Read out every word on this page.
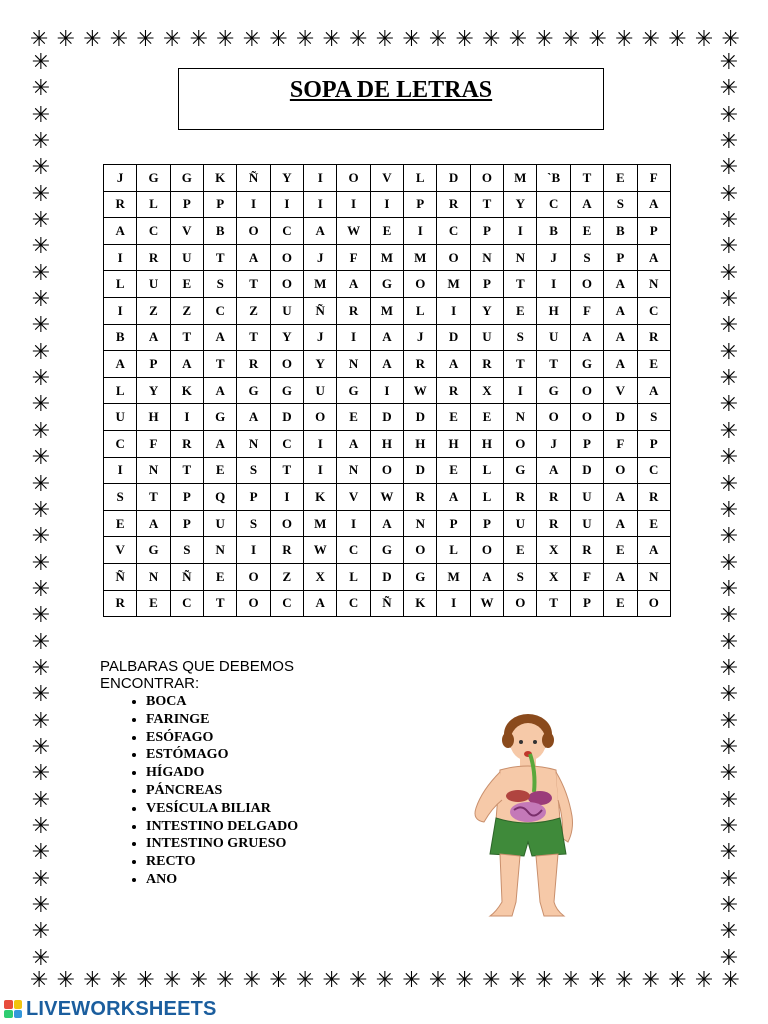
✳ ✳ ✳ ✳ ✳ ✳ ✳ ✳ ✳ ✳ ✳ ✳ ✳ ✳ ✳ ✳ ✳ ✳ ✳ ✳ ✳ ✳ ✳ ✳ ✳ ✳ ✳
✳ ✳ ✳ ✳ ✳ ✳ ✳ ✳ ✳ ✳ ✳ ✳ ✳ ✳ ✳ ✳ ✳ ✳ ✳ ✳ ✳ ✳ ✳ ✳ ✳ ✳ ✳
✳
✳
✳
✳
✳
✳
✳
✳
✳
✳
✳
✳
✳
✳
✳
✳
✳
✳
✳
✳
✳
✳
✳
✳
✳
✳
✳
✳
✳
✳
✳
✳
✳
✳
✳
✳
✳
✳
✳
✳
✳
✳
✳
✳
✳
✳
✳
✳
✳
✳
✳
✳
✳
✳
✳
✳
✳
✳
✳
✳
✳
✳
✳
✳
✳
✳
✳
✳
✳
✳
SOPA DE LETRAS
J	G	G	K	Ñ	Y	I	O	V	L	D	O	M	`B	T	E	F
R	L	P	P	I	I	I	I	I	P	R	T	Y	C	A	S	A
A	C	V	B	O	C	A	W	E	I	C	P	I	B	E	B	P
I	R	U	T	A	O	J	F	M	M	O	N	N	J	S	P	A
L	U	E	S	T	O	M	A	G	O	M	P	T	I	O	A	N
I	Z	Z	C	Z	U	Ñ	R	M	L	I	Y	E	H	F	A	C
B	A	T	A	T	Y	J	I	A	J	D	U	S	U	A	A	R
A	P	A	T	R	O	Y	N	A	R	A	R	T	T	G	A	E
L	Y	K	A	G	G	U	G	I	W	R	X	I	G	O	V	A
U	H	I	G	A	D	O	E	D	D	E	E	N	O	O	D	S
C	F	R	A	N	C	I	A	H	H	H	H	O	J	P	F	P
I	N	T	E	S	T	I	N	O	D	E	L	G	A	D	O	C
S	T	P	Q	P	I	K	V	W	R	A	L	R	R	U	A	R
E	A	P	U	S	O	M	I	A	N	P	P	U	R	U	A	E
V	G	S	N	I	R	W	C	G	O	L	O	E	X	R	E	A
Ñ	N	Ñ	E	O	Z	X	L	D	G	M	A	S	X	F	A	N
R	E	C	T	O	C	A	C	Ñ	K	I	W	O	T	P	E	O
PALBARAS QUE DEBEMOS
ENCONTRAR:
• BOCA
• FARINGE
• ESÓFAGO
• ESTÓMAGO
• HÍGADO
• PÁNCREAS
• VESÍCULA BILIAR
• INTESTINO DELGADO
• INTESTINO GRUESO
• RECTO
• ANO
LIVEWORKSHEETS
